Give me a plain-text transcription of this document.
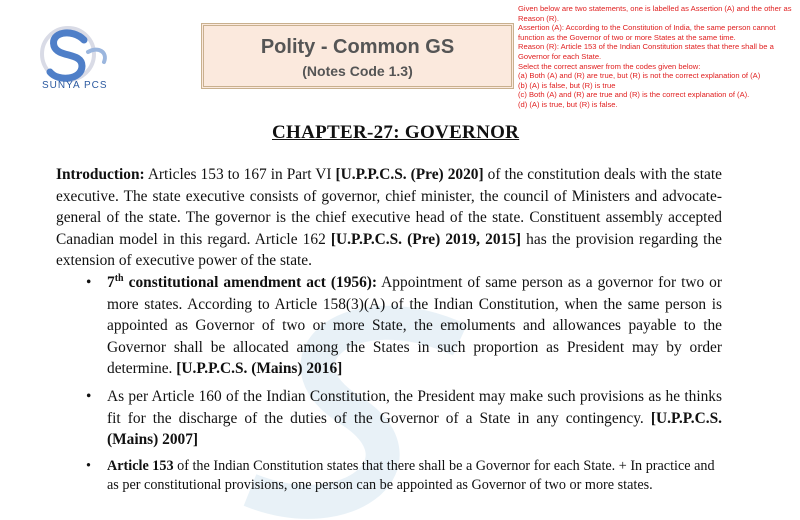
SUNYA PCS
Polity - Common GS
(Notes Code 1.3)

Given below are two statements, one is labelled as Assertion (A) and the other as Reason (R).

Assertion (A): According to the Constitution of India, the same person cannot function as the Governor of two or more States at the same time.

Reason (R): Article 153 of the Indian Constitution states that there shall be a Governor for each State.

Select the correct answer from the codes given below:

(a) Both (A) and (R) are true, but (R) is not the correct explanation of (A)

(b) (A) is false, but (R) is true

(c) Both (A) and (R) are true and (R) is the correct explanation of (A).

(d) (A) is true, but (R) is false.

CHAPTER-27: GOVERNOR

Introduction: Articles 153 to 167 in Part VI [U.P.P.C.S. (Pre) 2020] of the constitution deals with the state executive. The state executive consists of governor, chief minister, the council of Ministers and advocate-general of the state. The governor is the chief executive head of the state. Constituent assembly accepted Canadian model in this regard. Article 162 [U.P.P.C.S. (Pre) 2019, 2015] has the provision regarding the extension of executive power of the state.

• 7th constitutional amendment act (1956): Appointment of same person as a governor for two or more states. According to Article 158(3)(A) of the Indian Constitution, when the same person is appointed as Governor of two or more State, the emoluments and allowances payable to the Governor shall be allocated among the States in such proportion as President may by order determine. [U.P.P.C.S. (Mains) 2016]
• As per Article 160 of the Indian Constitution, the President may make such provisions as he thinks fit for the discharge of the duties of the Governor of a State in any contingency. [U.P.P.C.S. (Mains) 2007]
• Article 153 of the Indian Constitution states that there shall be a Governor for each State. + In practice and as per constitutional provisions, one person can be appointed as Governor of two or more states.
